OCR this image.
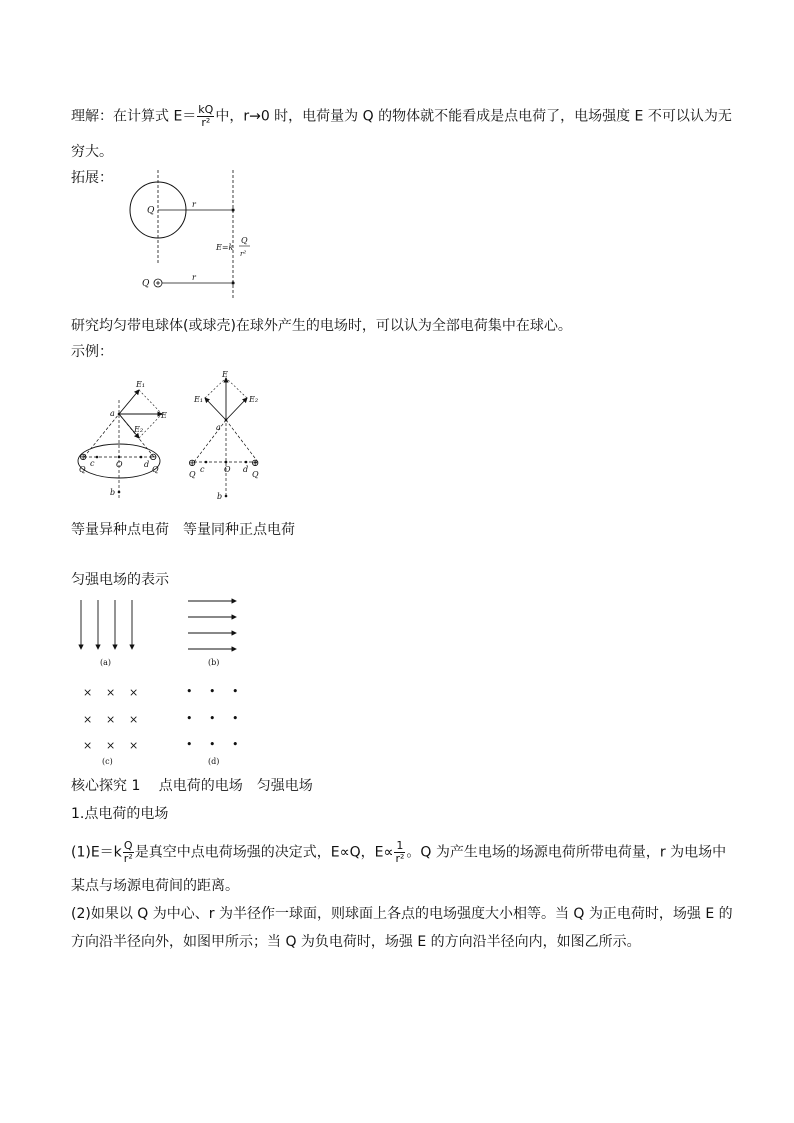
理解：在计算式 $E= \frac{kQ}{\text{r²}}$ 中，r→0 时，电荷量为 Q 的物体就不能看成是点电荷了，电场强度 E 不可以认为无
穷大。
拓展：
Q
r
E=k
Q
r²
Q
r
研究均匀带电球体(或球壳)在球外产生的电场时，可以认为全部电荷集中在球心。
示例：
E₁
E
E₂
a
c	O	d
b
⊕	⊖
Q	Q
E
E₁	E₂
a
c O d
b
⊕	⊕
Q	Q
等量异种点电荷 等量同种正点电荷
匀强电场的表示
(a)	(b)
× × ×
× × ×
× × ×
(c)
• • •
• • •
• • •
(d)
核心探究 1　 点电荷的电场　匀强电场
1.点电荷的电场
$(1)E=k \frac{Q}{\text{r²}}$ 是真空中点电荷场强的决定式，E∝Q，$E\propto \frac{1}{\text{r²}}$ 。Q 为产生电场的场源电荷所带电荷量，r 为电场中
某点与场源电荷间的距离。
(2)如果以 Q 为中心、r 为半径作一球面，则球面上各点的电场强度大小相等。当 Q 为正电荷时，场强 E 的
方向沿半径向外，如图甲所示；当 Q 为负电荷时，场强 E 的方向沿半径向内，如图乙所示。
